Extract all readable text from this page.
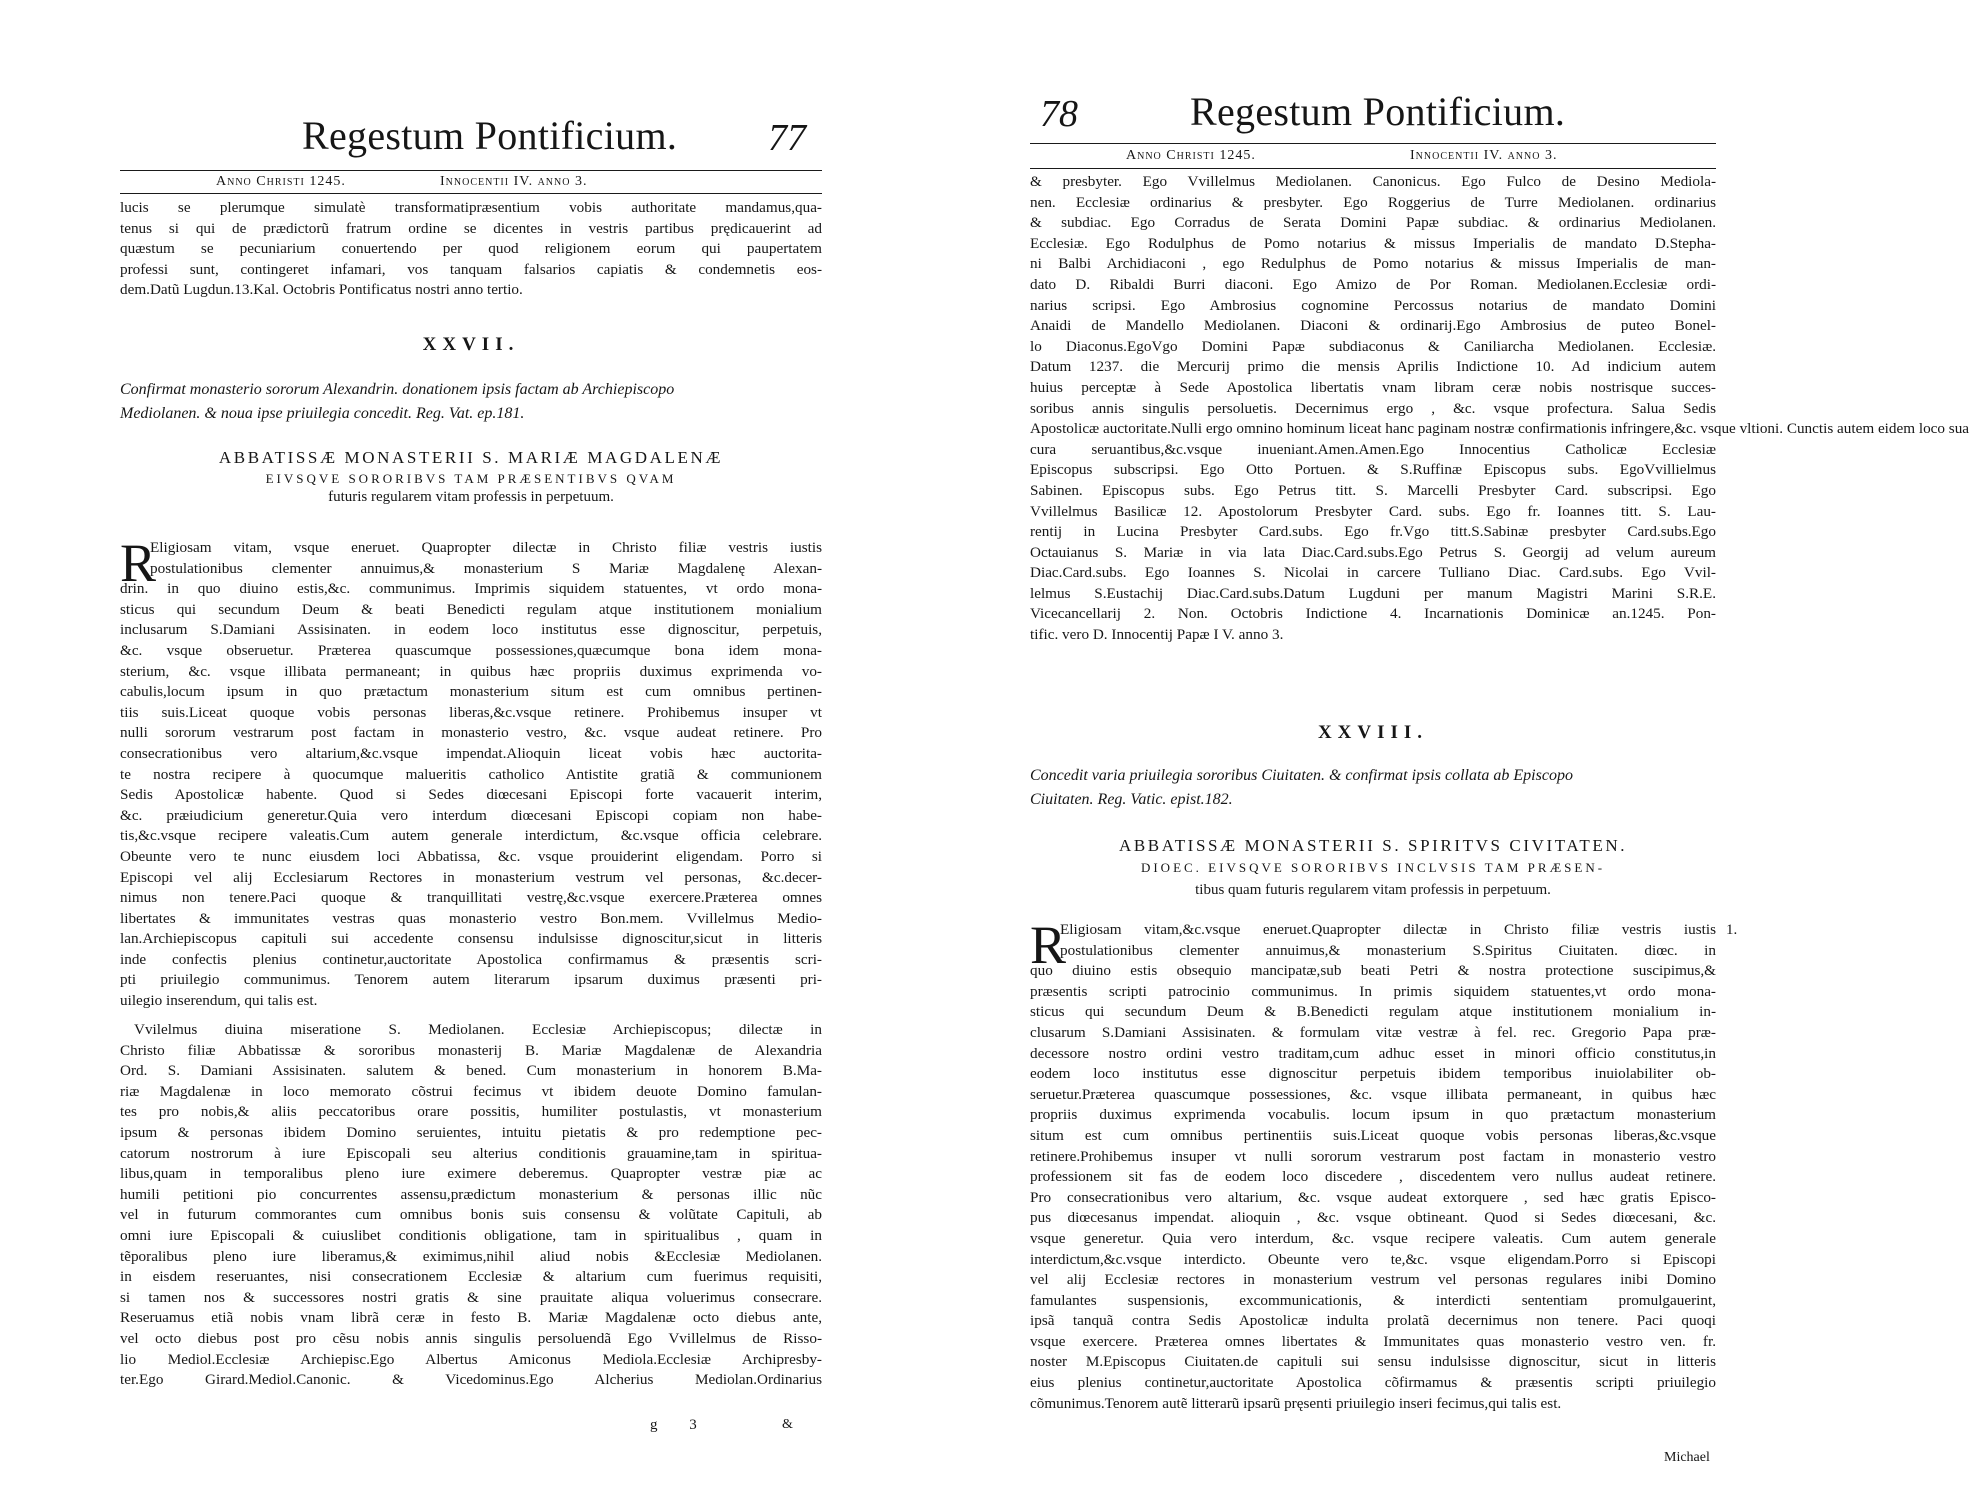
Regestum Pontificium. 77
Anno Christi 1245.	Innocentii IV. anno 3.
lucis se plerumque simulatè transformatipræsentium vobis authoritate mandamus,qua-
tenus si qui de prædictorũ fratrum ordine se dicentes in vestris partibus prędicauerint ad
quæstum se pecuniarium conuertendo per quod religionem eorum qui paupertatem
professi sunt, contingeret infamari, vos tanquam falsarios capiatis & condemnetis eos-
dem.Datũ Lugdun.13.Kal. Octobris Pontificatus nostri anno tertio.
XXVII.
Confirmat monasterio sororum Alexandrin. donationem ipsis factam ab Archiepiscopo
Mediolanen. & noua ipse priuilegia concedit. Reg. Vat. ep.181.
ABBATISSÆ MONASTERII S. MARIÆ MAGDALENÆ
EIVSQVE SORORIBVS TAM PRÆSENTIBVS QVAM
futuris regularem vitam professis in perpetuum.
R
Eligiosam vitam, vsque eneruet. Quapropter dilectæ in Christo filiæ vestris iustis
postulationibus clementer annuimus,& monasterium S Mariæ Magdalenę Alexan-
drin. in quo diuino estis,&c. communimus. Imprimis siquidem statuentes, vt ordo mona-
sticus qui secundum Deum & beati Benedicti regulam atque institutionem monialium
inclusarum S.Damiani Assisinaten. in eodem loco institutus esse dignoscitur, perpetuis,
&c. vsque obseruetur. Præterea quascumque possessiones,quæcumque bona idem mona-
sterium, &c. vsque illibata permaneant; in quibus hæc propriis duximus exprimenda vo-
cabulis,locum ipsum in quo prætactum monasterium situm est cum omnibus pertinen-
tiis suis.Liceat quoque vobis personas liberas,&c.vsque retinere. Prohibemus insuper vt
nulli sororum vestrarum post factam in monasterio vestro, &c. vsque audeat retinere. Pro
consecrationibus vero altarium,&c.vsque impendat.Alioquin liceat vobis hæc auctorita-
te nostra recipere à quocumque malueritis catholico Antistite gratiã & communionem
Sedis Apostolicæ habente. Quod si Sedes diœcesani Episcopi forte vacauerit interim,
&c. præiudicium generetur.Quia vero interdum diœcesani Episcopi copiam non habe-
tis,&c.vsque recipere valeatis.Cum autem generale interdictum, &c.vsque officia celebrare.
Obeunte vero te nunc eiusdem loci Abbatissa, &c. vsque prouiderint eligendam. Porro si
Episcopi vel alij Ecclesiarum Rectores in monasterium vestrum vel personas, &c.decer-
nimus non tenere.Paci quoque & tranquillitati vestrę,&c.vsque exercere.Præterea omnes
libertates & immunitates vestras quas monasterio vestro Bon.mem. Vvillelmus Medio-
lan.Archiepiscopus capituli sui accedente consensu indulsisse dignoscitur,sicut in litteris
inde confectis plenius continetur,auctoritate Apostolica confirmamus & præsentis scri-
pti priuilegio communimus. Tenorem autem literarum ipsarum duximus præsenti pri-
uilegio inserendum, qui talis est.
Vvilelmus diuina miseratione S. Mediolanen. Ecclesiæ Archiepiscopus; dilectæ in
Christo filiæ Abbatissæ & sororibus monasterij B. Mariæ Magdalenæ de Alexandria
Ord. S. Damiani Assisinaten. salutem & bened. Cum monasterium in honorem B.Ma-
riæ Magdalenæ in loco memorato cõstrui fecimus vt ibidem deuote Domino famulan-
tes pro nobis,& aliis peccatoribus orare possitis, humiliter postulastis, vt monasterium
ipsum & personas ibidem Domino seruientes, intuitu pietatis & pro redemptione pec-
catorum nostrorum à iure Episcopali seu alterius conditionis grauamine,tam in spiritua-
libus,quam in temporalibus pleno iure eximere deberemus. Quapropter vestræ piæ ac
humili petitioni pio concurrentes assensu,prædictum monasterium & personas illic nũc
vel in futurum commorantes cum omnibus bonis suis consensu & volũtate Capituli, ab
omni iure Episcopali & cuiuslibet conditionis obligatione, tam in spiritualibus , quam in
tẽporalibus pleno iure liberamus,& eximimus,nihil aliud nobis &Ecclesiæ Mediolanen.
in eisdem reseruantes, nisi consecrationem Ecclesiæ & altarium cum fuerimus requisiti,
si tamen nos & successores nostri gratis & sine prauitate aliqua voluerimus consecrare.
Reseruamus etiã nobis vnam librã ceræ in festo B. Mariæ Magdalenæ octo diebus ante,
vel octo diebus post pro cẽsu nobis annis singulis persoluendã Ego Vvillelmus de Risso-
lio Mediol.Ecclesiæ Archiepisc.Ego Albertus Amiconus Mediola.Ecclesiæ Archipresby-
ter.Ego Girard.Mediol.Canonic. & Vicedominus.Ego Alcherius Mediolan.Ordinarius
g 3	&
78	Regestum Pontificium.
Anno Christi 1245.	Innocentii IV. anno 3.
& presbyter. Ego Vvillelmus Mediolanen. Canonicus. Ego Fulco de Desino Mediola-
nen. Ecclesiæ ordinarius & presbyter. Ego Roggerius de Turre Mediolanen. ordinarius
& subdiac. Ego Corradus de Serata Domini Papæ subdiac. & ordinarius Mediolanen.
Ecclesiæ. Ego Rodulphus de Pomo notarius & missus Imperialis de mandato D.Stepha-
ni Balbi Archidiaconi , ego Redulphus de Pomo notarius & missus Imperialis de man-
dato D. Ribaldi Burri diaconi. Ego Amizo de Por Roman. Mediolanen.Ecclesiæ ordi-
narius scripsi. Ego Ambrosius cognomine Percossus notarius de mandato Domini
Anaidi de Mandello Mediolanen. Diaconi & ordinarij.Ego Ambrosius de puteo Bonel-
lo Diaconus.EgoVgo Domini Papæ subdiaconus & Caniliarcha Mediolanen. Ecclesiæ.
Datum 1237. die Mercurij primo die mensis Aprilis Indictione 10. Ad indicium autem
huius perceptæ à Sede Apostolica libertatis vnam libram ceræ nobis nostrisque succes-
soribus annis singulis persoluetis. Decernimus ergo , &c. vsque profectura. Salua Sedis
Apostolicæ auctoritate.Nulli ergo omnino hominum liceat hanc paginam nostræ confirmationis infringere,&c. vsque vltioni. Cunctis autem eidem loco sua
cura seruantibus,&c.vsque inueniant.Amen.Amen.Ego Innocentius Catholicæ Ecclesiæ
Episcopus subscripsi. Ego Otto Portuen. & S.Ruffinæ Episcopus subs. EgoVvillielmus
Sabinen. Episcopus subs. Ego Petrus titt. S. Marcelli Presbyter Card. subscripsi. Ego
Vvillelmus Basilicæ 12. Apostolorum Presbyter Card. subs. Ego fr. Ioannes titt. S. Lau-
rentij in Lucina Presbyter Card.subs. Ego fr.Vgo titt.S.Sabinæ presbyter Card.subs.Ego
Octauianus S. Mariæ in via lata Diac.Card.subs.Ego Petrus S. Georgij ad velum aureum
Diac.Card.subs. Ego Ioannes S. Nicolai in carcere Tulliano Diac. Card.subs. Ego Vvil-
lelmus S.Eustachij Diac.Card.subs.Datum Lugduni per manum Magistri Marini S.R.E.
Vicecancellarij 2. Non. Octobris Indictione 4. Incarnationis Dominicæ an.1245. Pon-
tific. vero D. Innocentij Papæ I V. anno 3.
XXVIII.
Concedit varia priuilegia sororibus Ciuitaten. & confirmat ipsis collata ab Episcopo
Ciuitaten. Reg. Vatic. epist.182.
ABBATISSÆ MONASTERII S. SPIRITVS CIVITATEN.
DIOEC. EIVSQVE SORORIBVS INCLVSIS TAM PRÆSEN-
tibus quam futuris regularem vitam professis in perpetuum.
R	1.
Eligiosam vitam,&c.vsque eneruet.Quapropter dilectæ in Christo filiæ vestris iustis
postulationibus clementer annuimus,& monasterium S.Spiritus Ciuitaten. diœc. in
quo diuino estis obsequio mancipatæ,sub beati Petri & nostra protectione suscipimus,&
præsentis scripti patrocinio communimus. In primis siquidem statuentes,vt ordo mona-
sticus qui secundum Deum & B.Benedicti regulam atque institutionem monialium in-
clusarum S.Damiani Assisinaten. & formulam vitæ vestræ à fel. rec. Gregorio Papa præ-
decessore nostro ordini vestro traditam,cum adhuc esset in minori officio constitutus,in
eodem loco institutus esse dignoscitur perpetuis ibidem temporibus inuiolabiliter ob-
seruetur.Præterea quascumque possessiones, &c. vsque illibata permaneant, in quibus hæc
propriis duximus exprimenda vocabulis. locum ipsum in quo prætactum monasterium
situm est cum omnibus pertinentiis suis.Liceat quoque vobis personas liberas,&c.vsque
retinere.Prohibemus insuper vt nulli sororum vestrarum post factam in monasterio vestro
professionem sit fas de eodem loco discedere , discedentem vero nullus audeat retinere.
Pro consecrationibus vero altarium, &c. vsque audeat extorquere , sed hæc gratis Episco-
pus diœcesanus impendat. alioquin , &c. vsque obtineant. Quod si Sedes diœcesani, &c.
vsque generetur. Quia vero interdum, &c. vsque recipere valeatis. Cum autem generale
interdictum,&c.vsque interdicto. Obeunte vero te,&c. vsque eligendam.Porro si Episcopi
vel alij Ecclesiæ rectores in monasterium vestrum vel personas regulares inibi Domino
famulantes suspensionis, excommunicationis, & interdicti sententiam promulgauerint,
ipsã tanquã contra Sedis Apostolicæ indulta prolatã decernimus non tenere. Paci quoqi
vsque exercere. Præterea omnes libertates & Immunitates quas monasterio vestro ven. fr.
noster M.Episcopus Ciuitaten.de capituli sui sensu indulsisse dignoscitur, sicut in litteris
eius plenius continetur,auctoritate Apostolica cõfirmamus & præsentis scripti priuilegio
cõmunimus.Tenorem autẽ litterarũ ipsarũ pręsenti priuilegio inseri fecimus,qui talis est.
Michael
